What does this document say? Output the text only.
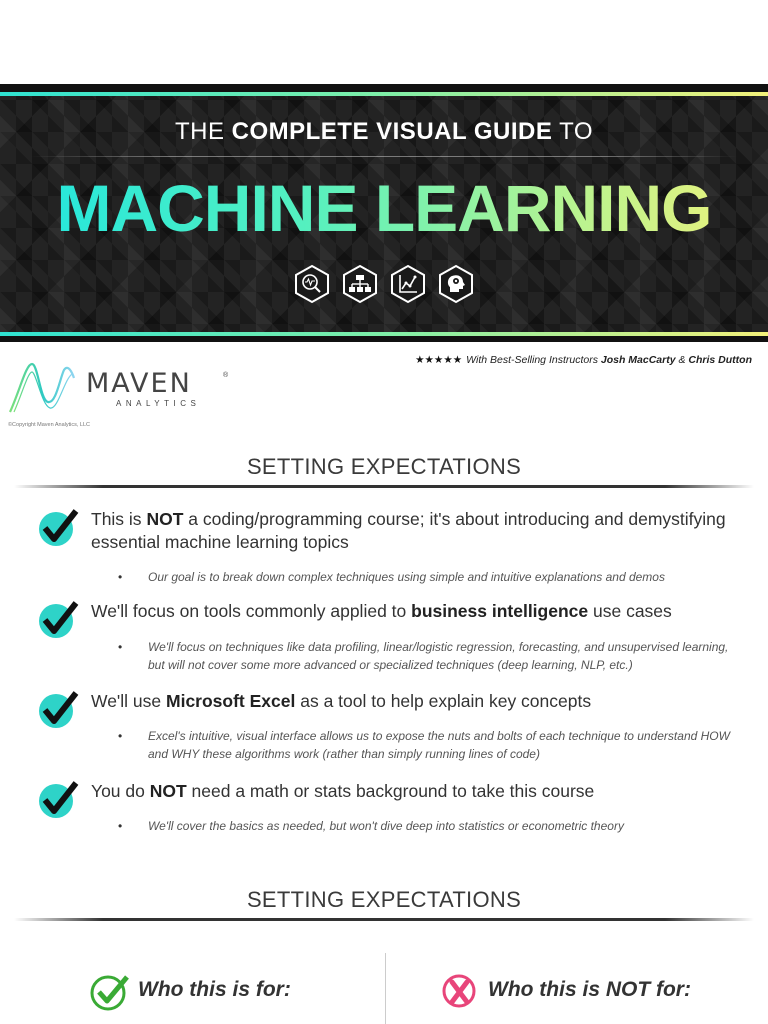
THE COMPLETE VISUAL GUIDE TO
MACHINE LEARNING
★★★★★ With Best-Selling Instructors Josh MacCarty & Chris Dutton
MAVEN	®
ANALYTICS
©Copyright Maven Analytics, LLC
SETTING EXPECTATIONS
This is NOT a coding/programming course; it's about introducing and demystifying essential machine learning topics
• Our goal is to break down complex techniques using simple and intuitive explanations and demos
We'll focus on tools commonly applied to business intelligence use cases
• We'll focus on techniques like data profiling, linear/logistic regression, forecasting, and unsupervised learning, but will not cover some more advanced or specialized techniques (deep learning, NLP, etc.)
We'll use Microsoft Excel as a tool to help explain key concepts
• Excel's intuitive, visual interface allows us to expose the nuts and bolts of each technique to understand HOW and WHY these algorithms work (rather than simply running lines of code)
You do NOT need a math or stats background to take this course
• We'll cover the basics as needed, but won't dive deep into statistics or econometric theory
SETTING EXPECTATIONS
Who this is for:	Who this is NOT for:
